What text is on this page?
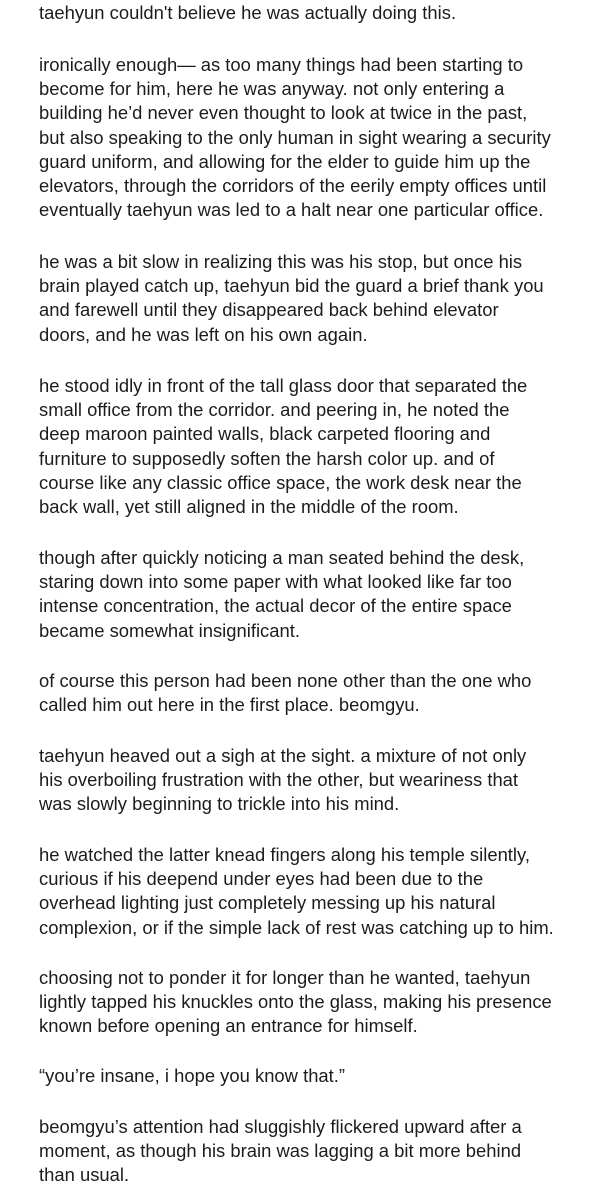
taehyun couldn't believe he was actually doing this.

ironically enough— as too many things had been starting to
become for him, here he was anyway. not only entering a
building he’d never even thought to look at twice in the past,
but also speaking to the only human in sight wearing a security
guard uniform, and allowing for the elder to guide him up the
elevators, through the corridors of the eerily empty offices until
eventually taehyun was led to a halt near one particular office.

he was a bit slow in realizing this was his stop, but once his
brain played catch up, taehyun bid the guard a brief thank you
and farewell until they disappeared back behind elevator
doors, and he was left on his own again.

he stood idly in front of the tall glass door that separated the
small office from the corridor. and peering in, he noted the
deep maroon painted walls, black carpeted flooring and
furniture to supposedly soften the harsh color up. and of
course like any classic office space, the work desk near the
back wall, yet still aligned in the middle of the room.

though after quickly noticing a man seated behind the desk,
staring down into some paper with what looked like far too
intense concentration, the actual decor of the entire space
became somewhat insignificant.

of course this person had been none other than the one who
called him out here in the first place. beomgyu.

taehyun heaved out a sigh at the sight. a mixture of not only
his overboiling frustration with the other, but weariness that
was slowly beginning to trickle into his mind.

he watched the latter knead fingers along his temple silently,
curious if his deepend under eyes had been due to the
overhead lighting just completely messing up his natural
complexion, or if the simple lack of rest was catching up to him.

choosing not to ponder it for longer than he wanted, taehyun
lightly tapped his knuckles onto the glass, making his presence
known before opening an entrance for himself.

“you’re insane, i hope you know that.”

beomgyu’s attention had sluggishly flickered upward after a
moment, as though his brain was lagging a bit more behind
than usual.
